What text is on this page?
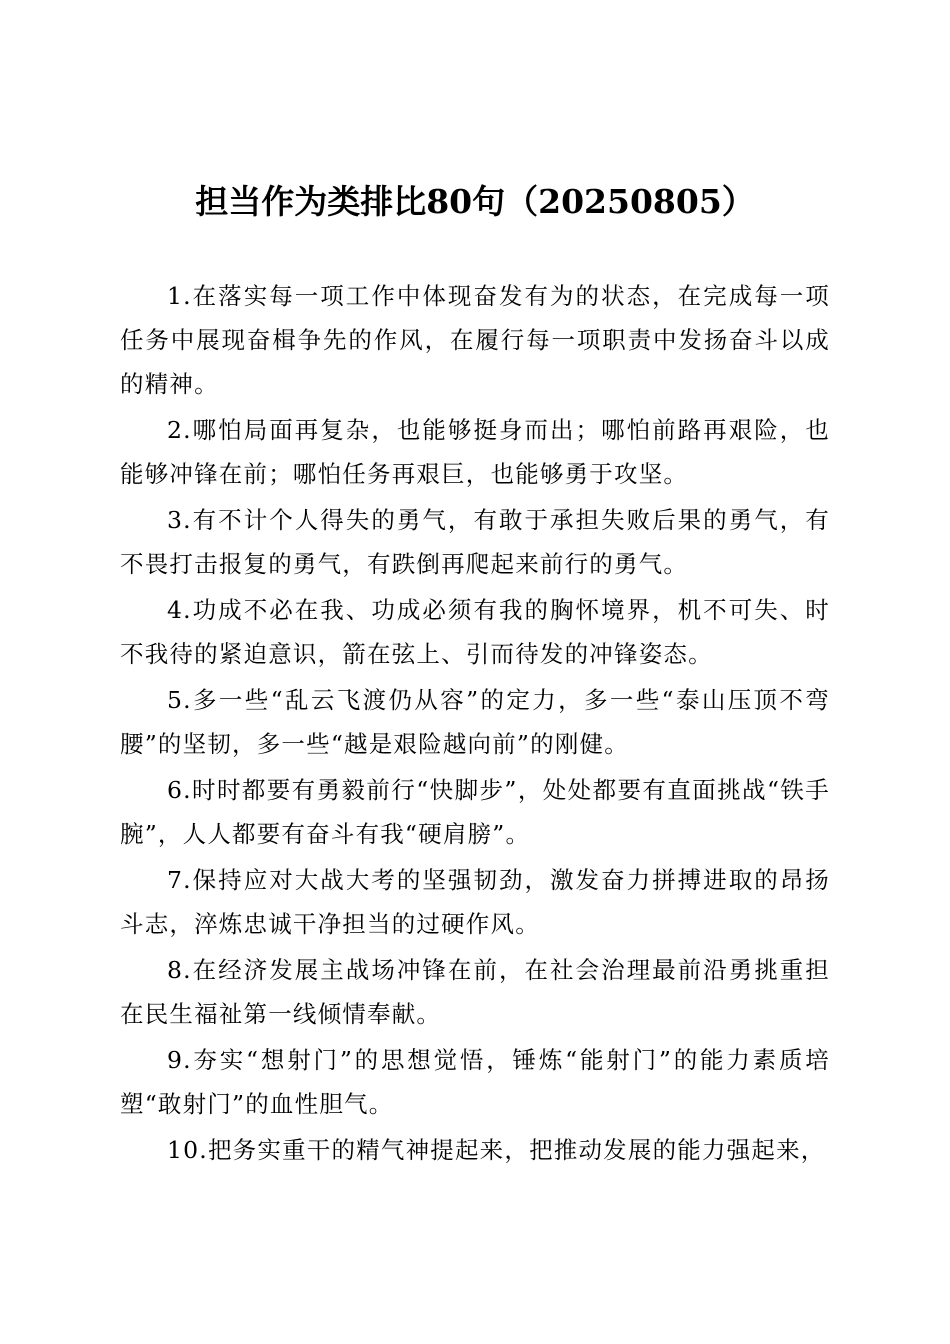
担当作为类排比80句（20250805）

1.在落实每一项工作中体现奋发有为的状态，在完成每一项任务中展现奋楫争先的作风，在履行每一项职责中发扬奋斗以成的精神。

2.哪怕局面再复杂，也能够挺身而出；哪怕前路再艰险，也能够冲锋在前；哪怕任务再艰巨，也能够勇于攻坚。

3.有不计个人得失的勇气，有敢于承担失败后果的勇气，有不畏打击报复的勇气，有跌倒再爬起来前行的勇气。

4.功成不必在我、功成必须有我的胸怀境界，机不可失、时不我待的紧迫意识，箭在弦上、引而待发的冲锋姿态。

5.多一些“乱云飞渡仍从容”的定力，多一些“泰山压顶不弯腰”的坚韧，多一些“越是艰险越向前”的刚健。

6.时时都要有勇毅前行“快脚步”，处处都要有直面挑战“铁手腕”，人人都要有奋斗有我“硬肩膀”。

7.保持应对大战大考的坚强韧劲，激发奋力拼搏进取的昂扬斗志，淬炼忠诚干净担当的过硬作风。

8.在经济发展主战场冲锋在前，在社会治理最前沿勇挑重担在民生福祉第一线倾情奉献。

9.夯实“想射门”的思想觉悟，锤炼“能射门”的能力素质培塑“敢射门”的血性胆气。

10.把务实重干的精气神提起来，把推动发展的能力强起来，
